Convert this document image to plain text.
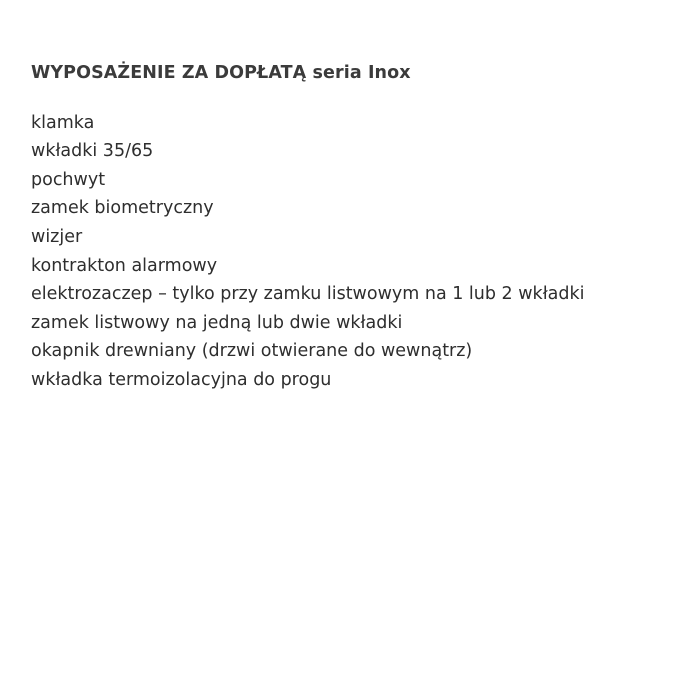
WYPOSAŻENIE ZA DOPŁATĄ seria Inox
klamka
wkładki 35/65
pochwyt
zamek biometryczny
wizjer
kontrakton alarmowy
elektrozaczep – tylko przy zamku listwowym na 1 lub 2 wkładki
zamek listwowy na jedną lub dwie wkładki
okapnik drewniany (drzwi otwierane do wewnątrz)
wkładka termoizolacyjna do progu
